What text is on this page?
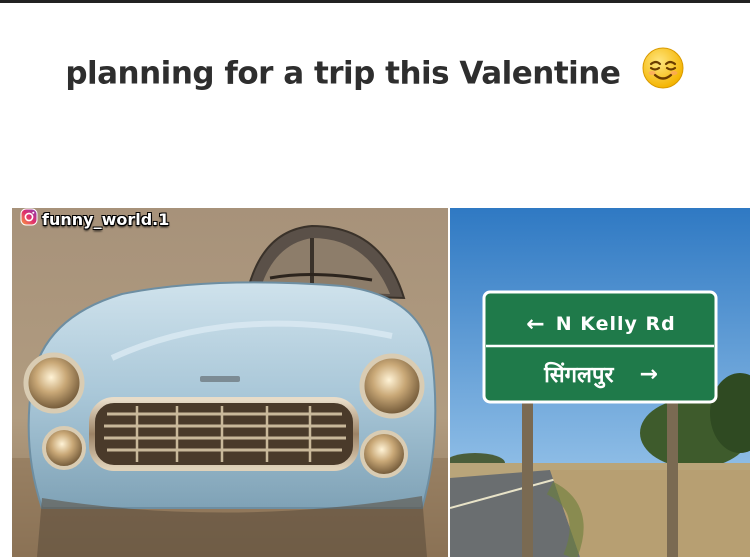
planning for a trip this Valentine
← N Kelly Rd
सिंगलपुर →
funny_world.1
